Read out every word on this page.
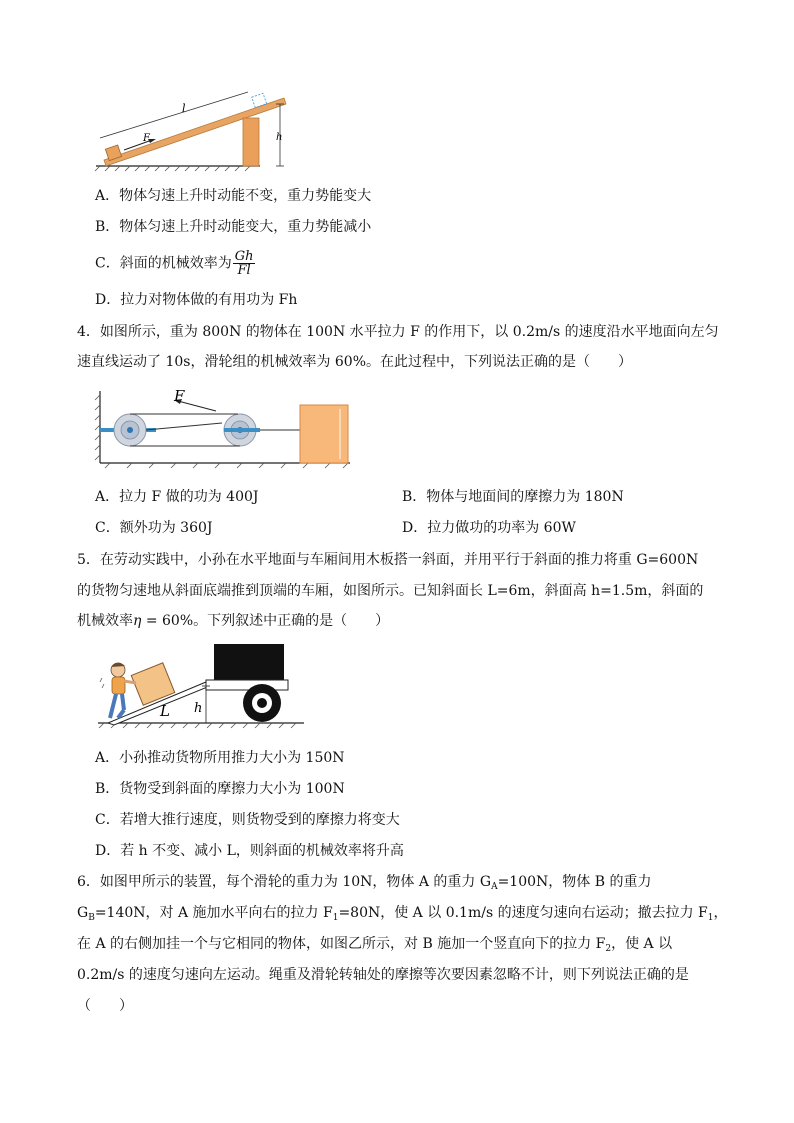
F
l
h
A．物体匀速上升时动能不变，重力势能变大
B．物体匀速上升时动能变大，重力势能减小
C．斜面的机械效率为 $\frac{Gh}{Fl}$
D．拉力对物体做的有用功为 Fh
4．如图所示，重为 800N 的物体在 100N 水平拉力 F 的作用下，以 0.2m/s 的速度沿水平地面向左匀
速直线运动了 10s，滑轮组的机械效率为 60%。在此过程中，下列说法正确的是（　　）
F
A．拉力 F 做的功为 400J	B．物体与地面间的摩擦力为 180N
C．额外功为 360J	D．拉力做功的功率为 60W
5．在劳动实践中，小孙在水平地面与车厢间用木板搭一斜面，并用平行于斜面的推力将重 G=600N
的货物匀速地从斜面底端推到顶端的车厢，如图所示。已知斜面长 L=6m，斜面高 h=1.5m，斜面的
机械效率η = 60%。下列叙述中正确的是（　　）
h
L
A．小孙推动货物所用推力大小为 150N
B．货物受到斜面的摩擦力大小为 100N
C．若增大推行速度，则货物受到的摩擦力将变大
D．若 h 不变、减小 L，则斜面的机械效率将升高
6．如图甲所示的装置，每个滑轮的重力为 10N，物体 A 的重力 $G_A=100N$，物体 B 的重力
$G_B=140N$，对 A 施加水平向右的拉力 $F_1=80N$，使 A 以 0.1m/s 的速度匀速向右运动；撤去拉力 $F_1$，
在 A 的右侧加挂一个与它相同的物体，如图乙所示，对 B 施加一个竖直向下的拉力 $F_2$，使 A 以
0.2m/s 的速度匀速向左运动。绳重及滑轮转轴处的摩擦等次要因素忽略不计，则下列说法正确的是
（　　）
